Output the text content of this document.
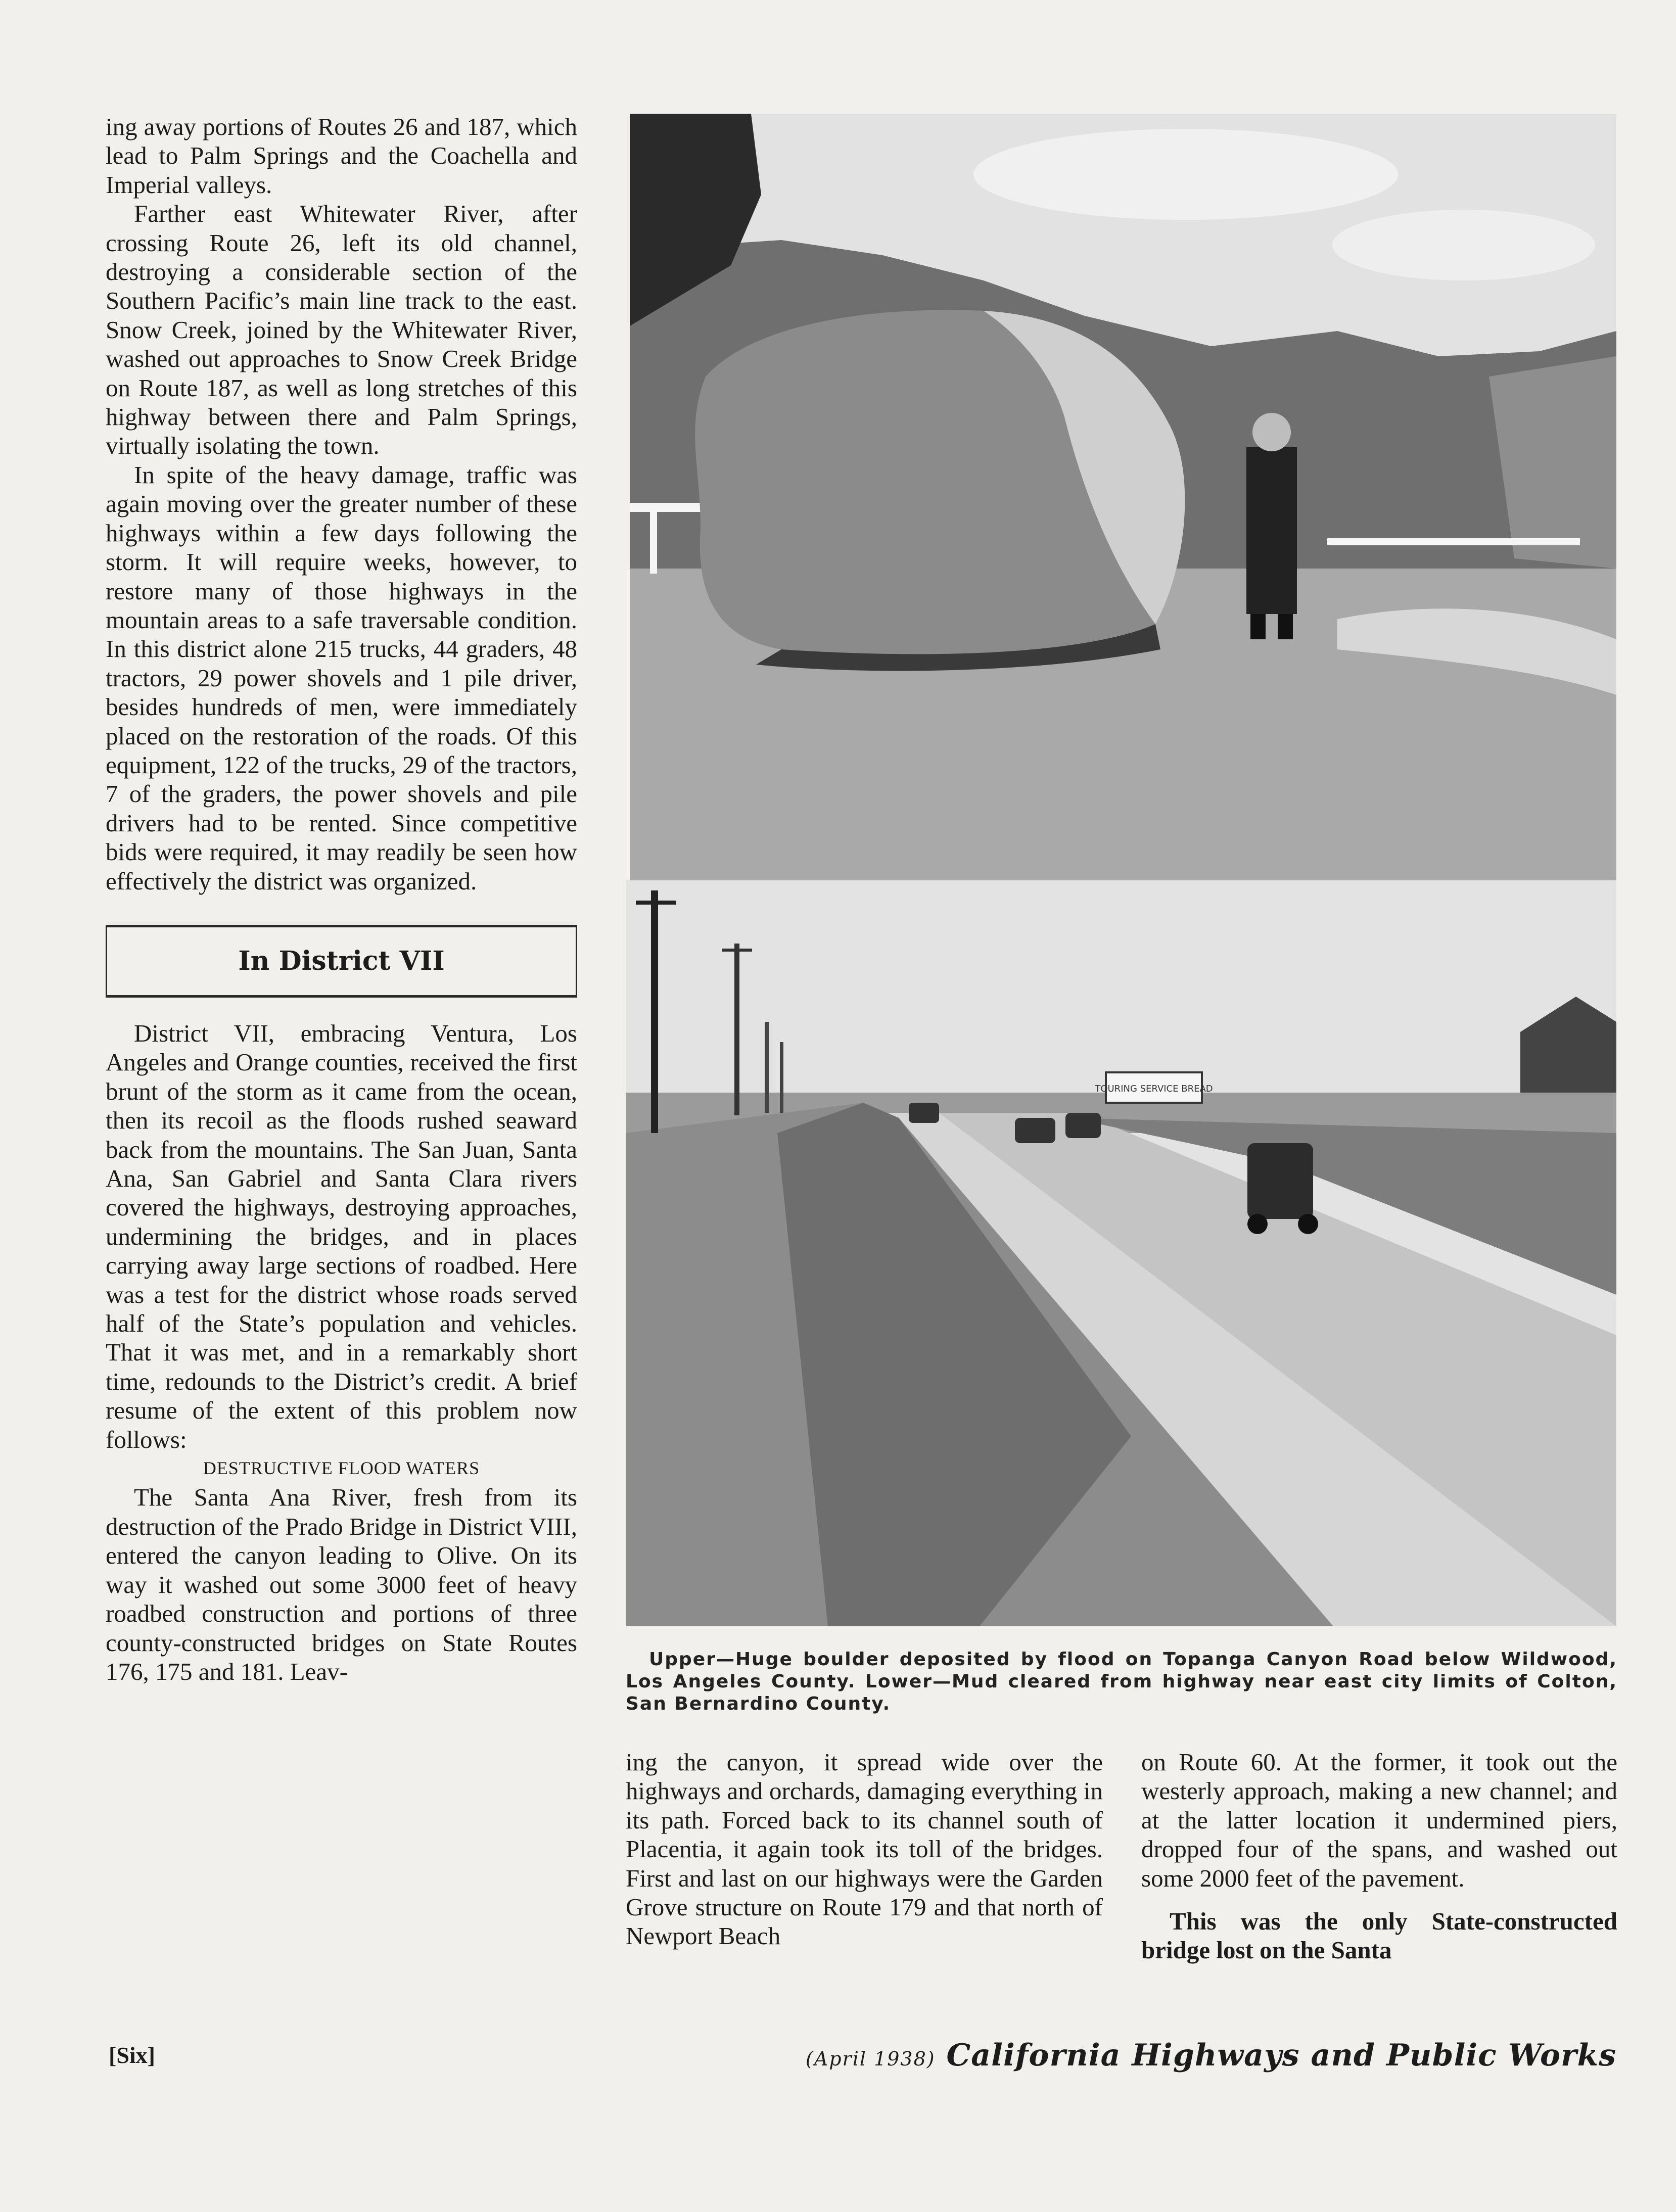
ing away portions of Routes 26 and 187, which lead to Palm Springs and the Coachella and Imperial valleys.

Farther east Whitewater River, after crossing Route 26, left its old channel, destroying a considerable section of the Southern Pacific’s main line track to the east. Snow Creek, joined by the Whitewater River, washed out approaches to Snow Creek Bridge on Route 187, as well as long stretches of this highway between there and Palm Springs, virtually isolating the town.

In spite of the heavy damage, traffic was again moving over the greater number of these highways within a few days following the storm. It will require weeks, however, to restore many of those highways in the mountain areas to a safe traversable condition. In this district alone 215 trucks, 44 graders, 48 tractors, 29 power shovels and 1 pile driver, besides hundreds of men, were immediately placed on the restoration of the roads. Of this equipment, 122 of the trucks, 29 of the tractors, 7 of the graders, the power shovels and pile drivers had to be rented. Since competitive bids were required, it may readily be seen how effectively the district was organized.

In District VII

District VII, embracing Ventura, Los Angeles and Orange counties, received the first brunt of the storm as it came from the ocean, then its recoil as the floods rushed seaward back from the mountains. The San Juan, Santa Ana, San Gabriel and Santa Clara rivers covered the highways, destroying approaches, undermining the bridges, and in places carrying away large sections of roadbed. Here was a test for the district whose roads served half of the State’s population and vehicles. That it was met, and in a remarkably short time, redounds to the District’s credit. A brief resume of the extent of this problem now follows:

DESTRUCTIVE FLOOD WATERS

The Santa Ana River, fresh from its destruction of the Prado Bridge in District VIII, entered the canyon leading to Olive. On its way it washed out some 3000 feet of heavy roadbed construction and portions of three county-constructed bridges on State Routes 176, 175 and 181. Leav-

TOURING SERVICE BREAD
Upper—Huge boulder deposited by flood on Topanga Canyon Road below Wildwood, Los Angeles County. Lower—Mud cleared from highway near east city limits of Colton, San Bernardino County.

ing the canyon, it spread wide over the highways and orchards, damaging everything in its path. Forced back to its channel south of Placentia, it again took its toll of the bridges. First and last on our highways were the Garden Grove structure on Route 179 and that north of Newport Beach

on Route 60. At the former, it took out the westerly approach, making a new channel; and at the latter location it undermined piers, dropped four of the spans, and washed out some 2000 feet of the pavement.

This was the only State-constructed bridge lost on the Santa

[Six]	(April 1938) California Highways and Public Works
